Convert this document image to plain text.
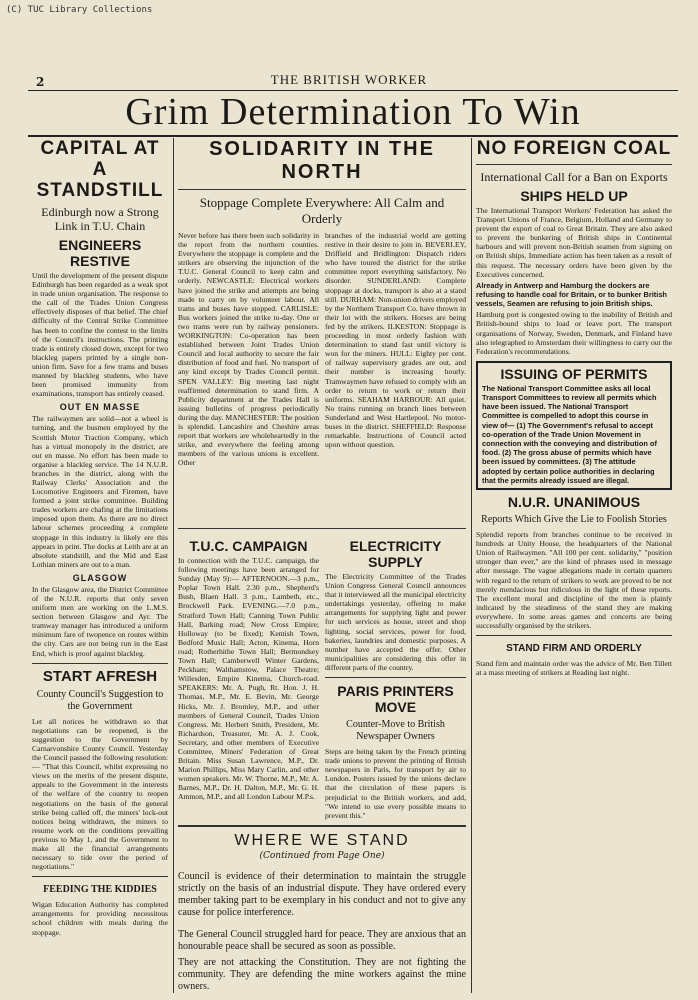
(C) TUC Library Collections
2	THE BRITISH WORKER
Grim Determination To Win
CAPITAL AT A STANDSTILL
Edinburgh now a Strong Link in T.U. Chain
ENGINEERS RESTIVE

Until the development of the present dispute Edinburgh has been regarded as a weak spot in trade union organisation. The response to the call of the Trades Union Congress effectively disposes of that belief. The chief difficulty of the Central Strike Committee has been to confine the contest to the limits of the Council's instructions. The printing trade is entirely closed down, except for two blackleg papers printed by a single non-union firm. Save for a few trams and buses manned by blackleg students, who have been promised immunity from examinations, transport has entirely ceased.

OUT EN MASSE

The railwaymen are solid—not a wheel is turning, and the busmen employed by the Scottish Motor Traction Company, which has a virtual monopoly in the district, are out en masse. No effort has been made to organise a blackleg service. The 14 N.U.R. branches in the district, along with the Railway Clerks' Association and the Locomotive Engineers and Firemen, have formed a joint strike committee. Building trades workers are chafing at the limitations imposed upon them. As there are no direct labour schemes proceeding a complete stoppage in this industry is likely ere this appears in print. The docks at Leith are at an absolute standstill, and the Mid and East Lothian miners are out to a man.

GLASGOW

In the Glasgow area, the District Committee of the N.U.R. reports that only seven uniform men are working on the L.M.S. section between Glasgow and Ayr. The tramway manager has introduced a uniform minimum fare of twopence on routes within the city. Cars are not being run in the East End, which is proof against blackleg.

START AFRESH
County Council's Suggestion to the Government

Let all notices be withdrawn so that negotiations can be reopened, is the suggestion to the Government by Carnarvonshire County Council. Yesterday the Council passed the following resolution:— "That this Council, whilst expressing no views on the merits of the present dispute, appeals to the Government in the interests of the welfare of the country to reopen negotiations on the basis of the general strike being called off, the miners' lock-out notices being withdrawn, the miners to resume work on the conditions prevailing previous to May 1, and the Government to make all the financial arrangements necessary to tide over the period of negotiations."

FEEDING THE KIDDIES

Wigan Education Authority has completed arrangements for providing necessitous school children with meals during the stoppage.

SOLIDARITY IN THE NORTH
Stoppage Complete Everywhere: All Calm and Orderly

Never before has there been such solidarity in the report from the northern counties. Everywhere the stoppage is complete and the strikers are observing the injunction of the T.U.C. General Council to keep calm and orderly. NEWCASTLE: Electrical workers have joined the strike and attempts are being made to carry on by volunteer labour. All trams and buses have stopped. CARLISLE: Bus workers joined the strike to-day. One or two trams were run by railway pensioners. WORKINGTON: Co-operation has been established between Joint Trades Union Council and local authority to secure the fair distribution of food and fuel. No transport of any kind except by Trades Council permit. SPEN VALLEY: Big meeting last night reaffirmed determination to stand firm. A Publicity department at the Trades Hall is issuing bulletins of progress periodically during the day. MANCHESTER: The position is splendid. Lancashire and Cheshire areas report that workers are wholeheartedly in the strike, and everywhere the feeling among members of the various unions is excellent. Other

branches of the industrial world are getting restive in their desire to join in. BEVERLEY, Driffield and Bridlington: Dispatch riders who have toured the district for the strike committee report everything satisfactory. No disorder. SUNDERLAND: Complete stoppage at docks, transport is also at a stand still. DURHAM: Non-union drivers employed by the Northern Transport Co. have thrown in their lot with the strikers. Horses are being fed by the strikers. ILKESTON: Stoppage is proceeding in most orderly fashion with determination to stand fast until victory is won for the miners. HULL: Eighty per cent. of railway supervisory grades are out, and their number is increasing hourly. Tramwaymen have refused to comply with an order to return to work or return their uniforms. SEAHAM HARBOUR: All quiet. No trains running on branch lines between Sunderland and West Hartlepool. No motor-buses in the district. SHEFFIELD: Response remarkable. Instructions of Council acted upon without question.

T.U.C. CAMPAIGN

In connection with the T.U.C. campaign, the following meetings have been arranged for Sunday (May 9):— AFTERNOON.—3 p.m., Poplar Town Hall. 2.30 p.m., Shepherd's Bush, Blaen Hall. 3 p.m., Lambeth, etc., Brockwell Park. EVENING.—7.0 p.m., Stratford Town Hall; Canning Town Public Hall, Barking road; New Cross Empire; Holloway (to be fixed); Kentish Town, Bedford Music Hall; Acton, Kinema, Horn road; Rotherhithe Town Hall; Bermondsey Town Hall; Camberwell Winter Gardens, Peckham; Walthamstow, Palace Theatre; Willesden, Empire Kinema, Church-road. SPEAKERS: Mr. A. Pugh, Rt. Hon. J. H. Thomas, M.P., Mr. E. Bevin, Mr. George Hicks, Mr. J. Bromley, M.P., and other members of General Council, Trades Union Congress. Mr. Herbert Smith, President, Mr. Richardson, Treasurer, Mr. A. J. Cook, Secretary, and other members of Executive Committee, Miners' Federation of Great Britain. Miss Susan Lawrence, M.P., Dr. Marion Phillips, Miss Mary Carlin, and other women speakers. Mr. W. Thorne, M.P., Mr. A. Barnes, M.P., Dr. H. Dalton, M.P., Mr. G. H. Ammon, M.P., and all London Labour M.P.s.

ELECTRICITY SUPPLY

The Electricity Committee of the Trades Union Congress General Council announces that it interviewed all the municipal electricity undertakings yesterday, offering to make arrangements for supplying light and power for such services as house, street and shop lighting, social services, power for food, bakeries, laundries and domestic purposes. A number have accepted the offer. Other municipalities are considering this offer in different parts of the country.

PARIS PRINTERS MOVE
Counter-Move to British Newspaper Owners

Steps are being taken by the French printing trade unions to prevent the printing of British newspapers in Paris, for transport by air to London. Posters issued by the unions declare that the circulation of these papers is prejudicial to the British workers, and add, "We intend to use every possible means to prevent this."

WHERE WE STAND
(Continued from Page One)

Council is evidence of their determination to maintain the struggle strictly on the basis of an industrial dispute. They have ordered every member taking part to be exemplary in his conduct and not to give any cause for police interference.

The General Council struggled hard for peace. They are anxious that an honourable peace shall be secured as soon as possible.

They are not attacking the Constitution. They are not fighting the community. They are defending the mine workers against the mine owners.

NO FOREIGN COAL
International Call for a Ban on Exports
SHIPS HELD UP

The International Transport Workers' Federation has asked the Transport Unions of France, Belgium, Holland and Germany to prevent the export of coal to Great Britain. They are also asked to prevent the bunkering of British ships in Continental harbours and will prevent non-British seamen from signing on on British ships. Immediate action has been taken as a result of this request. The necessary orders have been given by the Executives concerned.

Already in Antwerp and Hamburg the dockers are refusing to handle coal for Britain, or to bunker British vessels, Seamen are refusing to join British ships.

Hamburg port is congested owing to the inability of British and British-bound ships to load or leave port. The transport organisations of Norway, Sweden, Denmark, and Finland have also telegraphed to Amsterdam their willingness to carry out the Federation's recommendations.

ISSUING OF PERMITS

The National Transport Committee asks all local Transport Committees to review all permits which have been issued. The National Transport Committee is compelled to adopt this course in view of— (1) The Government's refusal to accept co-operation of the Trade Union Movement in connection with the conveying and distribution of food. (2) The gross abuse of permits which have been issued by committees. (3) The attitude adopted by certain police authorities in declaring that the permits already issued are illegal.

N.U.R. UNANIMOUS
Reports Which Give the Lie to Foolish Stories

Splendid reports from branches continue to be received in hundreds at Unity House, the headquarters of the National Union of Railwaymen. "All 100 per cent. solidarity," "position stronger than ever," are the kind of phrases used in message after message. The vague allegations made in certain quarters with regard to the return of strikers to work are proved to be not merely mendacious but ridiculous in the light of these reports. The excellent moral and discipline of the men is plainly indicated by the steadiness of the stand they are making everywhere. In some areas games and concerts are being successfully organised by the strikers.

STAND FIRM AND ORDERLY

Stand firm and maintain order was the advice of Mr. Ben Tillett at a mass meeting of strikers at Reading last night.
